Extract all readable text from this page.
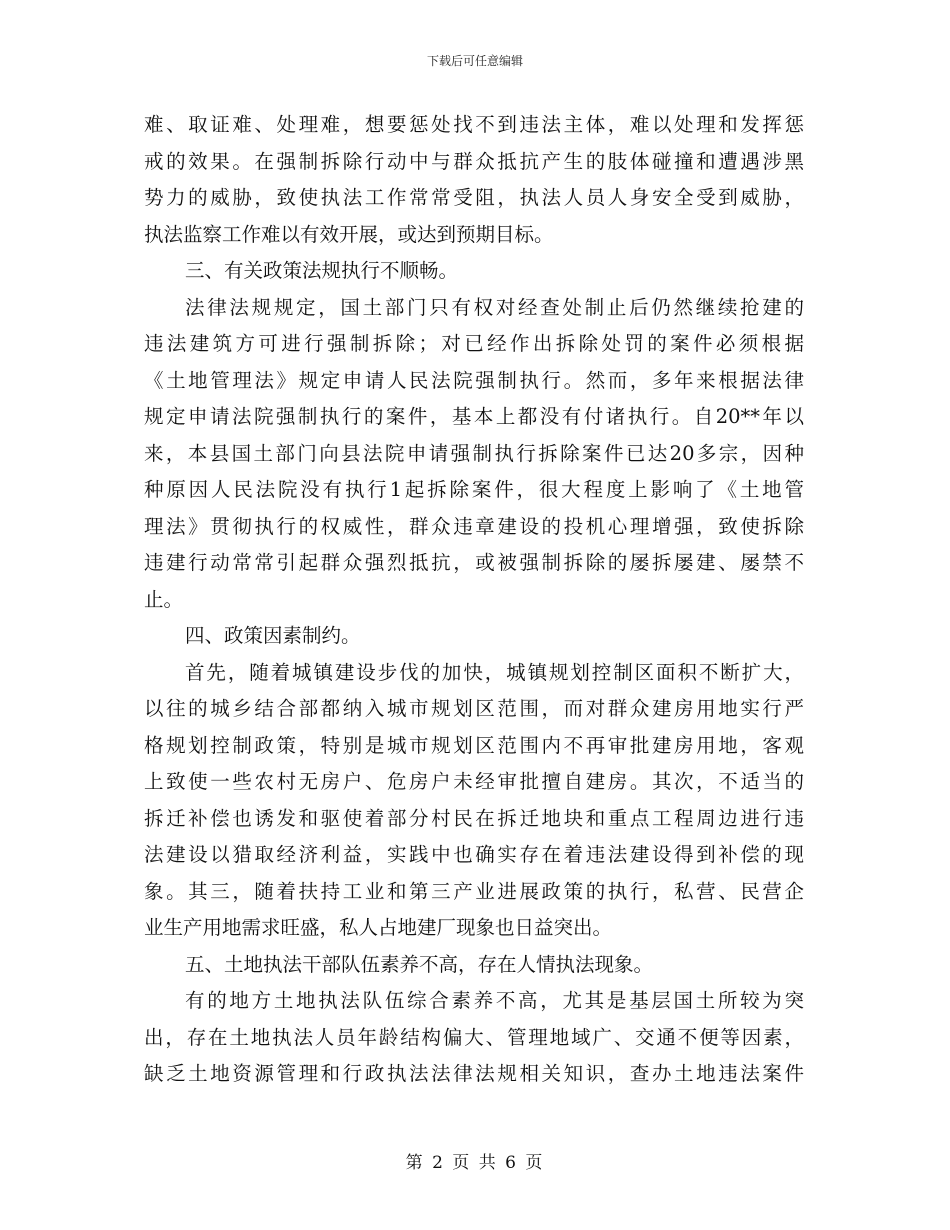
下载后可任意编辑
难、取证难、处理难，想要惩处找不到违法主体，难以处理和发挥惩
戒的效果。在强制拆除行动中与群众抵抗产生的肢体碰撞和遭遇涉黑
势力的威胁，致使执法工作常常受阻，执法人员人身安全受到威胁，
执法监察工作难以有效开展，或达到预期目标。
三、有关政策法规执行不顺畅。
法律法规规定，国土部门只有权对经查处制止后仍然继续抢建的
违法建筑方可进行强制拆除；对已经作出拆除处罚的案件必须根据
《土地管理法》规定申请人民法院强制执行。然而，多年来根据法律
规定申请法院强制执行的案件，基本上都没有付诸执行。自20**年以
来，本县国土部门向县法院申请强制执行拆除案件已达20多宗，因种
种原因人民法院没有执行1起拆除案件，很大程度上影响了《土地管
理法》贯彻执行的权威性，群众违章建设的投机心理增强，致使拆除
违建行动常常引起群众强烈抵抗，或被强制拆除的屡拆屡建、屡禁不
止。
四、政策因素制约。
首先，随着城镇建设步伐的加快，城镇规划控制区面积不断扩大，
以往的城乡结合部都纳入城市规划区范围，而对群众建房用地实行严
格规划控制政策，特别是城市规划区范围内不再审批建房用地，客观
上致使一些农村无房户、危房户未经审批擅自建房。其次，不适当的
拆迁补偿也诱发和驱使着部分村民在拆迁地块和重点工程周边进行违
法建设以猎取经济利益，实践中也确实存在着违法建设得到补偿的现
象。其三，随着扶持工业和第三产业进展政策的执行，私营、民营企
业生产用地需求旺盛，私人占地建厂现象也日益突出。
五、土地执法干部队伍素养不高，存在人情执法现象。
有的地方土地执法队伍综合素养不高，尤其是基层国土所较为突
出，存在土地执法人员年龄结构偏大、管理地域广、交通不便等因素，
缺乏土地资源管理和行政执法法律法规相关知识，查办土地违法案件
第 2 页 共 6 页
